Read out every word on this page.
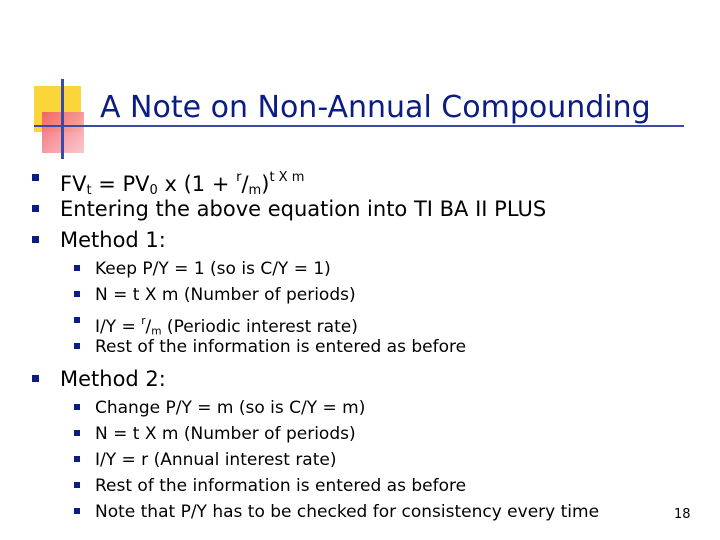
A Note on Non-Annual Compounding
$FV_t = PV_0$ x $(1 + ^r/_m)^{t X m}$
Entering the above equation into TI BA II PLUS
Method 1:
Keep P/Y = 1 (so is C/Y = 1)
N = t X m (Number of periods)
$I/Y = ^r/_m$ (Periodic interest rate)
Rest of the information is entered as before
Method 2:
Change P/Y = m (so is C/Y = m)
N = t X m (Number of periods)
I/Y = r (Annual interest rate)
Rest of the information is entered as before
Note that P/Y has to be checked for consistency every time	18
